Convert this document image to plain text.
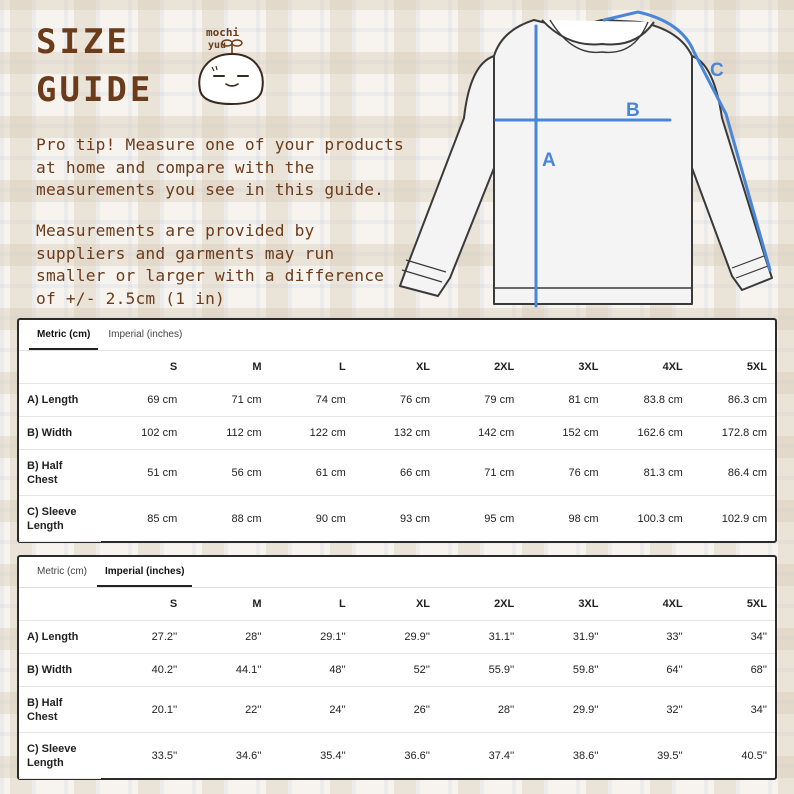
SIZE
GUIDE
mochi
yuu

Pro tip! Measure one of your products at home and compare with the measurements you see in this guide.

Measurements are provided by suppliers and garments may run smaller or larger with a difference of +/- 2.5cm (1 in)

A
B
C
Metric (cm)	Imperial (inches)
	S	M	L	XL	2XL	3XL	4XL	5XL
A) Length	69 cm	71 cm	74 cm	76 cm	79 cm	81 cm	83.8 cm	86.3 cm
B) Width	102 cm	112 cm	122 cm	132 cm	142 cm	152 cm	162.6 cm	172.8 cm
B) Half
Chest	51 cm	56 cm	61 cm	66 cm	71 cm	76 cm	81.3 cm	86.4 cm
C) Sleeve
Length	85 cm	88 cm	90 cm	93 cm	95 cm	98 cm	100.3 cm	102.9 cm
Metric (cm)	Imperial (inches)
	S	M	L	XL	2XL	3XL	4XL	5XL
A) Length	27.2''	28''	29.1''	29.9''	31.1''	31.9''	33''	34''
B) Width	40.2''	44.1''	48''	52''	55.9''	59.8''	64''	68''
B) Half
Chest	20.1''	22''	24''	26''	28''	29.9''	32''	34''
C) Sleeve
Length	33.5''	34.6''	35.4''	36.6''	37.4''	38.6''	39.5''	40.5''
